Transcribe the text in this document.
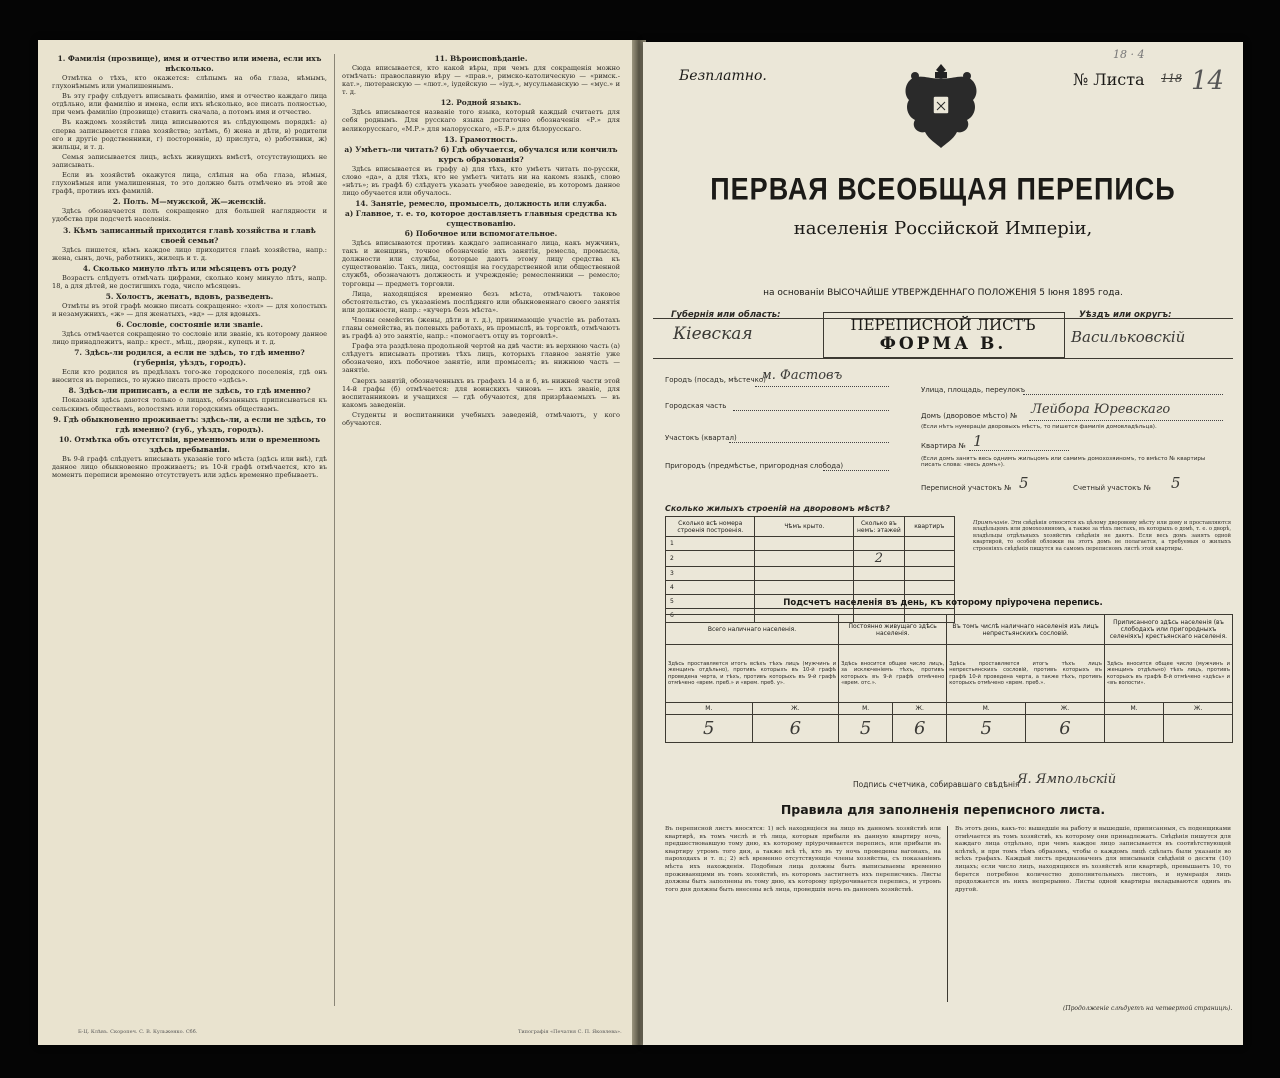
1. Фамилія (прозвище), имя и отчество или имена, если ихъ нѣсколько.

Отмѣтка о тѣхъ, кто окажется: слѣпымъ на оба глаза, нѣмымъ, глухонѣмымъ или умалишеннымъ.

Въ эту графу слѣдуетъ вписывать фамилію, имя и отчество каждаго лица отдѣльно, или фамилію и имена, если ихъ нѣсколько, все писать полностью, при чемъ фамилію (прозвище) ставить сначала, а потомъ имя и отчество.

Въ каждомъ хозяйствѣ лица вписываются въ слѣдующемъ порядкѣ: а) сперва записывается глава хозяйства; затѣмъ, б) жена и дѣти, в) родители его и другіе родственники, г) посторонніе, д) прислуга, е) работники, ж) жильцы, и т. д.

Семья записывается лицъ, всѣхъ живущихъ вмѣстѣ, отсутствующихъ не записывать.

Если въ хозяйствѣ окажутся лица, слѣпыя на оба глаза, нѣмыя, глухонѣмыя или умалишенныя, то это должно быть отмѣчено въ этой же графѣ, противъ ихъ фамилій.

2. Полъ. М—мужской, Ж—женскій.

Здѣсь обозначается полъ сокращенно для большей наглядности и удобства при подсчетѣ населенія.

3. Кѣмъ записанный приходится главѣ хозяйства и главѣ своей семьи?

Здѣсь пишется, кѣмъ каждое лицо приходится главѣ хозяйства, напр.: жена, сынъ, дочь, работникъ, жилецъ и т. д.

4. Сколько минуло лѣтъ или мѣсяцевъ отъ роду?

Возрастъ слѣдуетъ отмѣчать цифрами, сколько кому минуло лѣтъ, напр. 18, а для дѣтей, не достигшихъ года, число мѣсяцевъ.

5. Холостъ, женатъ, вдовъ, разведенъ.

Отмѣты въ этой графѣ можно писать сокращенно: «хол» — для холостыхъ и незамужнихъ, «ж» — для женатыхъ, «вд» — для вдовыхъ.

6. Сословіе, состояніе или званіе.

Здѣсь отмѣчается сокращенно то сословіе или званіе, къ которому данное лицо принадлежитъ, напр.: крест., мѣщ., дворян., купецъ и т. д.

7. Здѣсь-ли родился, а если не здѣсь, то гдѣ именно? (губернія, уѣздъ, городъ).

Если кто родился въ предѣлахъ того-же городского поселенія, гдѣ онъ вносится въ перепись, то нужно писать просто «здѣсь».

8. Здѣсь-ли приписанъ, а если не здѣсь, то гдѣ именно?

Показанія здѣсь даются только о лицахъ, обязанныхъ приписываться къ сельскимъ обществамъ, волостямъ или городскимъ обществамъ.

9. Гдѣ обыкновенно проживаетъ: здѣсь-ли, а если не здѣсь, то гдѣ именно? (губ., уѣздъ, городъ).
10. Отмѣтка объ отсутствіи, временномъ или о временномъ здѣсь пребываніи.

Въ 9-й графѣ слѣдуетъ вписывать указаніе того мѣста (здѣсь или внѣ), гдѣ данное лицо обыкновенно проживаетъ; въ 10-й графѣ отмѣчается, кто въ моментъ переписи временно отсутствуетъ или здѣсь временно пребываетъ.

11. Вѣроисповѣданіе.

Сюда вписывается, кто какой вѣры, при чемъ для сокращенія можно отмѣчать: православную вѣру — «прав.», римско-католическую — «римск.-кат.», лютеранскую — «лют.», іудейскую — «іуд.», мусульманскую — «мус.» и т. д.

12. Родной языкъ.

Здѣсь вписывается названіе того языка, который каждый считаетъ для себя роднымъ. Для русскаго языка достаточно обозначенія «Р.» для великорусскаго, «М.Р.» для малорусскаго, «Б.Р.» для бѣлорусскаго.

13. Грамотность.
а) Умѣетъ-ли читать? б) Гдѣ обучается, обучался или кончилъ курсъ образованія?

Здѣсь вписывается въ графу а) для тѣхъ, кто умѣетъ читать по-русски, слово «да», а для тѣхъ, кто не умѣетъ читать ни на какомъ языкѣ, слово «нѣтъ»; въ графѣ б) слѣдуетъ указать учебное заведеніе, въ которомъ данное лицо обучается или обучалось.

14. Занятіе, ремесло, промыселъ, должность или служба.
а) Главное, т. е. то, которое доставляетъ главныя средства къ существованію.
б) Побочное или вспомогательное.

Здѣсь вписываются противъ каждаго записаннаго лица, какъ мужчинъ, такъ и женщинъ, точное обозначеніе ихъ занятія, ремесла, промысла, должности или службы, которые даютъ этому лицу средства къ существованію. Такъ, лица, состоящія на государственной или общественной службѣ, обозначаютъ должность и учрежденіе; ремесленники — ремесло; торговцы — предметъ торговли.

Лица, находящіяся временно безъ мѣста, отмѣчаютъ таковое обстоятельство, съ указаніемъ послѣдняго или обыкновеннаго своего занятія или должности, напр.: «кучеръ безъ мѣста».

Члены семействъ (жены, дѣти и т. д.), принимающіе участіе въ работахъ главы семейства, въ полевыхъ работахъ, въ промыслѣ, въ торговлѣ, отмѣчаютъ въ графѣ а) это занятіе, напр.: «помогаетъ отцу въ торговлѣ».

Графа эта раздѣлена продольной чертой на двѣ части: въ верхнюю часть (а) слѣдуетъ вписывать противъ тѣхъ лицъ, которыхъ главное занятіе уже обозначено, ихъ побочное занятіе, или промыселъ; въ нижнюю часть — занятіе.

Сверхъ занятій, обозначенныхъ въ графахъ 14 а и б, въ нижней части этой 14-й графы (б) отмѣчается: для воинскихъ чиновъ — ихъ званіе, для воспитанниковъ и учащихся — гдѣ обучаются, для призрѣваемыхъ — въ какомъ заведеніи.

Студенты и воспитанники учебныхъ заведеній, отмѣчаютъ, у кого обучаются.

Б-Ц. Клѣвъ. Скоропеч. С. В. Кульженко. Сбб.	Типографія «Печатня С. П. Яковлева».
Безплатно.
18 · 4
№ Листа 118 14
ПЕРВАЯ ВСЕОБЩАЯ ПЕРЕПИСЬ
населенія Россійской Имперіи,
на основаніи ВЫСОЧАЙШЕ УТВЕРЖДЕННАГО ПОЛОЖЕНІЯ 5 Іюня 1895 года.
Губернія или область:
Кіевская	ПЕРЕПИСНОЙ ЛИСТЪ
ФОРМА В.
Уѣздъ или округъ:
Васильковскій
Городъ (посадъ, мѣстечко)
м. Фастовъ
Улица, площадь, переулокъ
Городская часть
Домъ (дворовое мѣсто) № Лейбора Юревскаго
(Если нѣтъ нумераціи дворовыхъ мѣстъ, то пишется фамилія домовладѣльца).
Участокъ (квартал)
Квартира № 1
Пригородъ (предмѣстье, пригородная слобода)
(Если домъ занятъ весь однимъ жильцомъ или самимъ домохозяиномъ, то вмѣсто № квартиры писать слова: «весь домъ»).
Переписной участокъ № 5	Счетный участокъ № 5
Сколько жилыхъ строеній на дворовомъ мѣстѣ?
Сколько всѣ номера строенія построенія.	Чѣмъ крыто.	Сколько въ немъ: этажей	квартиръ
1			
2		2	
3			
4			
5			
6			
Примѣчаніе. Эти свѣдѣнія относятся къ цѣлому дворовому мѣсту или дому и проставляются владѣльцемъ или домохозяиномъ, а также за тѣхъ листахъ, въ которыхъ о домѣ, т. е. о дворѣ, владѣльцы отдѣльныхъ хозяйствъ свѣдѣнія не даютъ. Если весь домъ занятъ одной квартирой, то особой обложки на этотъ домъ не полагается, а требуемыя о жилыхъ строеніяхъ свѣдѣнія пишутся на самомъ переписномъ листѣ этой квартиры.
Подсчетъ населенія въ день, къ которому пріурочена перепись.
Всего наличнаго населенія.		Постоянно живущаго здѣсь населенія.		Въ томъ числѣ наличнаго населенія изъ лицъ непрестьянскихъ сословій.		Приписанного здѣсь населенія (въ слободахъ или пригородныхъ селеніяхъ) крестьянскаго населенія.	
Здѣсь проставляется итогъ всѣхъ тѣхъ лицъ (мужчинъ и женщинъ отдѣльно), противъ которыхъ въ 10-й графѣ проведена черта, и тѣхъ, противъ которыхъ въ 9-й графѣ отмѣчено «врем. преб.» и «врем. преб. у».		Здѣсь вносится общее число лицъ, за исключеніемъ тѣхъ, противъ которыхъ въ 9-й графѣ отмѣчено «врем. отс.».		Здѣсь проставляется итогъ тѣхъ лицъ непрестьянскихъ сословій, противъ которыхъ въ графѣ 10-й проведена черта, а также тѣхъ, противъ которыхъ отмѣчено «врем. преб.».		Здѣсь вносится общее число (мужчинъ и женщинъ отдѣльно) тѣхъ лицъ, противъ которыхъ въ графѣ 8-й отмѣчено «здѣсь» и «въ волости».	
М.	Ж.	М.	Ж.	М.	Ж.	М.	Ж.
5	6	5	6	5	6		
Подпись счетчика, собиравшаго свѣдѣнія
Я. Ямпольскій
Правила для заполненія переписного листа.
Въ переписной листъ вносятся: 1) всѣ находящіеся на лицо въ данномъ хозяйствѣ или квартирѣ, въ томъ числѣ и тѣ лица, которыя прибыли въ данную квартиру ночь, предшествовавшую тому дню, къ которому пріурочивается перепись, или прибыли въ квартиру утромъ того дня, а также всѣ тѣ, кто въ ту ночь проведены вагонахъ, на пароходахъ и т. п.; 2) всѣ временно отсутствующіе члены хозяйства, съ показаніемъ мѣста ихъ нахожденія. Подобныя лица должны быть выписываемы временно проживающими въ томъ хозяйствѣ, въ которомъ застигнетъ ихъ переписчикъ. Листы должны быть заполнены въ тому дню, къ которому пріурочивается перепись, и утромъ того дня должны быть внесены всѣ лица, проведшія ночь въ данномъ хозяйствѣ.
Въ этотъ день, какъ-то: вышедшіе на работу и вышедшіе, приписанныя, съ поденщиками отмѣчается въ томъ хозяйствѣ, къ которому они принадлежатъ. Свѣдѣнія пишутся для каждаго лица отдѣльно, при чемъ каждое лицо записывается въ соотвѣтствующей клѣткѣ, и при томъ тѣмъ образомъ, чтобы о каждомъ лицѣ сдѣлать были указанія во всѣхъ графахъ. Каждый листъ предназначенъ для вписыванія свѣдѣній о десяти (10) лицахъ; если число лицъ, находящихся въ хозяйствѣ или квартирѣ, превышаетъ 10, то берется потребное количество дополнительныхъ листовъ, и нумерація лицъ продолжается въ нихъ непрерывно. Листы одной квартиры вкладываются одинъ въ другой.
(Продолженіе слѣдуетъ на четвертой страницѣ).
